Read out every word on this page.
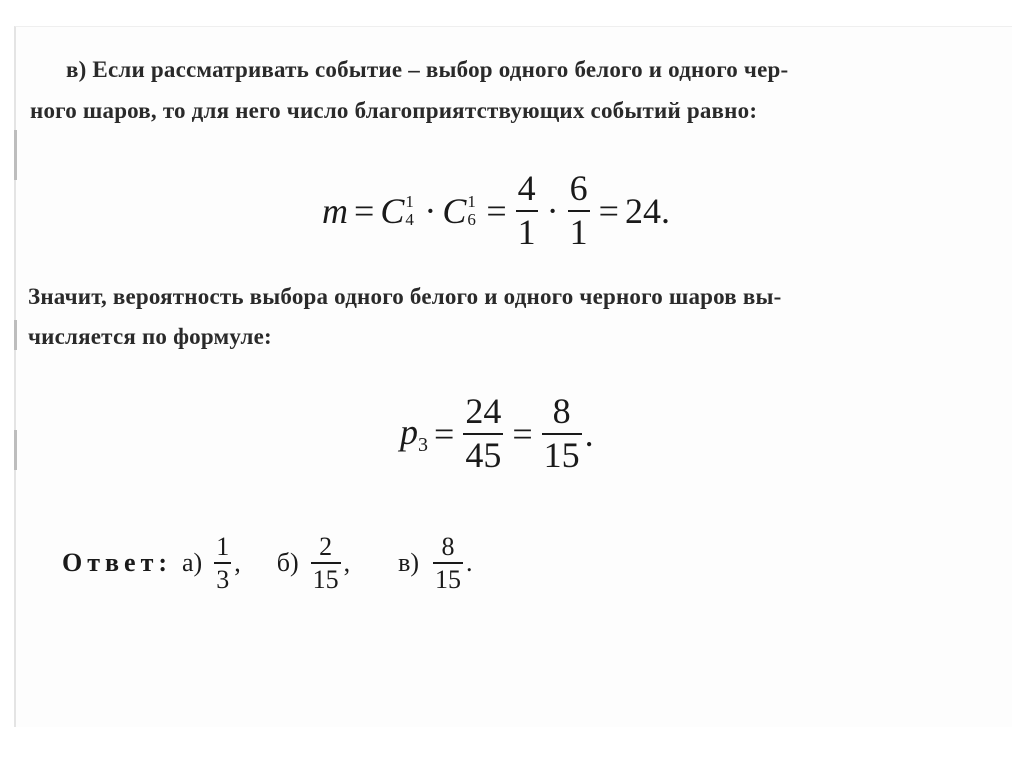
в) Если рассматривать событие – выбор одного белого и одного чер-
ного шаров, то для него число благоприятствующих событий равно:
m = C 1
4 · C 1
$6 = \frac{4}{1} \cdot \frac{6}{1} = 24$.
Значит, вероятность выбора одного белого и одного черного шаров вы-
числяется по формуле:
$p3 = \frac{24}{45} = \frac{8}{15}$ .
Ответ: $а) \frac{1}{3}$ , $б) \frac{2}{15}$ , $в) \frac{8}{15}$ .
